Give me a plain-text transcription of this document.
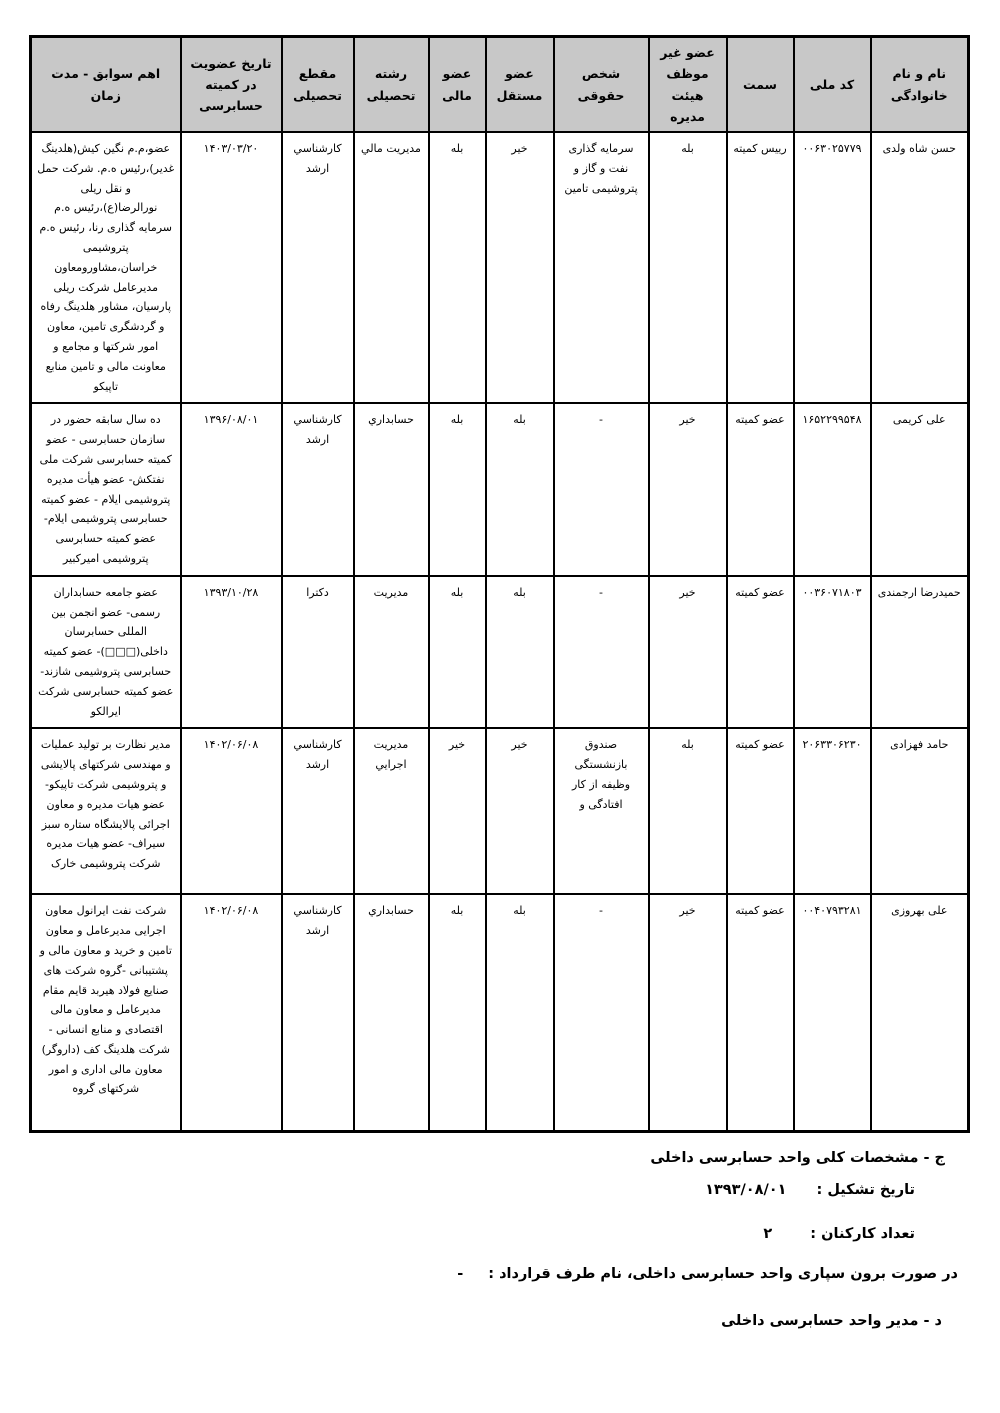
نام و نام خانوادگی	کد ملی	سمت	عضو غیر موظف هیئت مدیره	شخص حقوقی	عضو مستقل	عضو مالی	رشته تحصیلی	مقطع تحصیلی	تاریخ عضویت در کمیته حسابرسی	اهم سوابق - مدت زمان
حسن شاه ولدی	۰۰۶۳۰۲۵۷۷۹	رییس کمیته	بله	سرمایه گذاری نفت و گاز و پتروشیمی تامین	خیر	بله	مدیریت مالي	کارشناسي ارشد	۱۴۰۳/۰۳/۲۰	عضو،م.م نگین کیش(هلدینگ غدیر)،رئیس ه.م. شرکت حمل و نقل ریلی نورالرضا(ع)،رئیس ه.م سرمایه گذاری رنا، رئیس ه.م پتروشیمی خراسان،مشاورومعاون مدیرعامل شرکت ریلی پارسیان، مشاور هلدینگ رفاه و گردشگری تامین، معاون امور شرکتها و مجامع و معاونت مالی و تامین منابع تاپیکو
علی کریمی	۱۶۵۲۲۹۹۵۴۸	عضو کمیته	خیر	-	بله	بله	حسابداري	کارشناسي ارشد	۱۳۹۶/۰۸/۰۱	ده سال سابقه حضور در سازمان حسابرسی - عضو کمیته حسابرسی شرکت ملی نفتکش- عضو هیأت مدیره پتروشیمی ایلام - عضو کمیته حسابرسی پتروشیمی ایلام- عضو کمیته حسابرسی پتروشیمی امیرکبیر
حمیدرضا ارجمندی	۰۰۳۶۰۷۱۸۰۳	عضو کمیته	خیر	-	بله	بله	مدیریت	دکترا	۱۳۹۳/۱۰/۲۸	عضو جامعه حسابداران رسمی- عضو انجمن بین المللی حسابرسان داخلی(□□□)- عضو کمیته حسابرسی پتروشیمی شازند-عضو کمیته حسابرسی شرکت ایرالکو
حامد فهزادی	۲۰۶۳۳۰۶۲۳۰	عضو کمیته	بله	صندوق بازنشستگی وظیفه از کار افتادگی و	خیر	خیر	مدیریت اجرايي	کارشناسي ارشد	۱۴۰۲/۰۶/۰۸	مدیر نظارت بر تولید عملیات و مهندسی شرکتهای پالایشی و پتروشیمی شرکت تاپیکو- عضو هیات مدیره و معاون اجرائی پالایشگاه ستاره سبز سیراف- عضو هیات مدیره شرکت پتروشیمی خارک
علی بهروزی	۰۰۴۰۷۹۳۲۸۱	عضو کمیته	خیر	-	بله	بله	حسابداري	کارشناسي ارشد	۱۴۰۲/۰۶/۰۸	شرکت نفت ایرانول معاون اجرایی مدیرعامل و معاون تامین و خرید و معاون مالی و پشتیبانی -گروه شرکت های صنایع فولاد هیربد قایم مقام مدیرعامل و معاون مالی اقتصادی و منابع انسانی - شرکت هلدینگ کف (داروگر) معاون مالی اداری و امور شرکتهای گروه
ج - مشخصات کلی واحد حسابرسی داخلی
تاریخ تشکیل :
۱۳۹۳/۰۸/۰۱
تعداد کارکنان :
۲
در صورت برون سپاری واحد حسابرسی داخلی، نام طرف قرارداد :
-
د - مدیر واحد حسابرسی داخلی
